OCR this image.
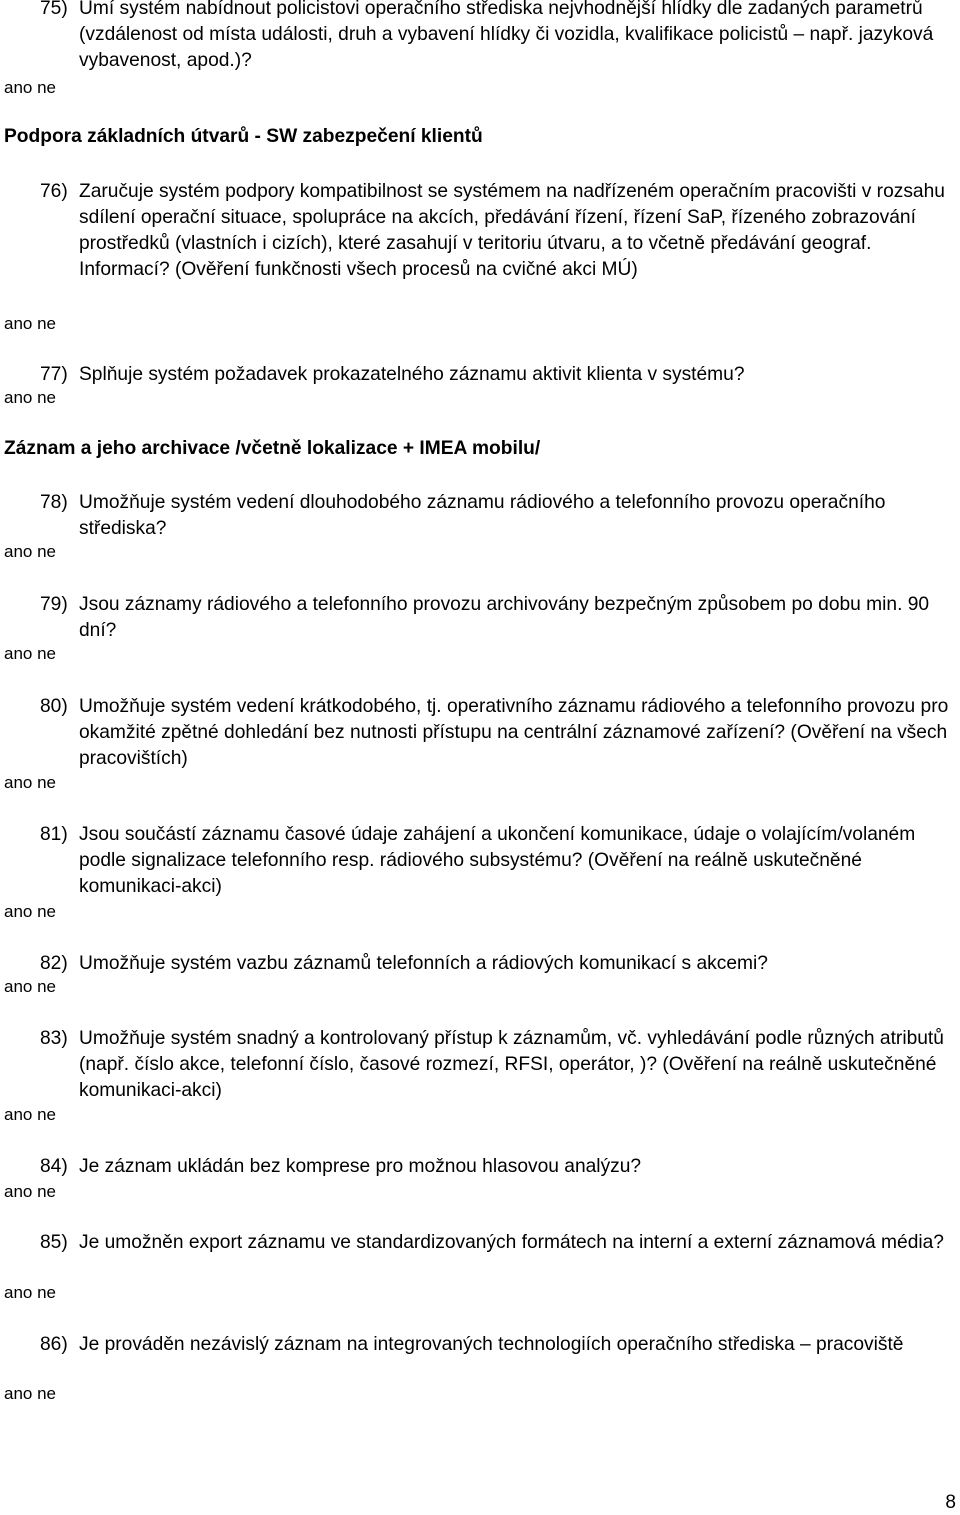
75) Umí systém nabídnout policistovi operačního střediska nejvhodnější hlídky dle zadaných parametrů (vzdálenost od místa události, druh a vybavení hlídky či vozidla, kvalifikace policistů – např. jazyková vybavenost, apod.)?
ano ne
Podpora základních útvarů - SW zabezpečení klientů
76) Zaručuje systém podpory kompatibilnost se systémem na nadřízeném operačním pracovišti v rozsahu sdílení operační situace, spolupráce na akcích, předávání řízení, řízení SaP, řízeného zobrazování prostředků (vlastních i cizích), které zasahují v teritoriu útvaru, a to včetně předávání geograf. Informací? (Ověření funkčnosti všech procesů na cvičné akci MÚ)
ano ne
77) Splňuje systém požadavek prokazatelného záznamu aktivit klienta v systému?
ano ne
Záznam a jeho archivace /včetně lokalizace + IMEA mobilu/
78) Umožňuje systém vedení dlouhodobého záznamu rádiového a telefonního provozu operačního střediska?
ano ne
79) Jsou záznamy rádiového a telefonního provozu archivovány bezpečným způsobem po dobu min. 90 dní?
ano ne
80) Umožňuje systém vedení krátkodobého, tj. operativního záznamu rádiového a telefonního provozu pro okamžité zpětné dohledání bez nutnosti přístupu na centrální záznamové zařízení? (Ověření na všech pracovištích)
ano ne
81) Jsou součástí záznamu časové údaje zahájení a ukončení komunikace, údaje o volajícím/volaném podle signalizace telefonního resp. rádiového subsystému? (Ověření na reálně uskutečněné komunikaci-akci)
ano ne
82) Umožňuje systém vazbu záznamů telefonních a rádiových komunikací s akcemi?
ano ne
83) Umožňuje systém snadný a kontrolovaný přístup k záznamům, vč. vyhledávání podle různých atributů (např. číslo akce, telefonní číslo, časové rozmezí, RFSI, operátor, )? (Ověření na reálně uskutečněné komunikaci-akci)
ano ne
84) Je záznam ukládán bez komprese pro možnou hlasovou analýzu?
ano ne
85) Je umožněn export záznamu ve standardizovaných formátech na interní a externí záznamová média?
ano ne
86) Je prováděn nezávislý záznam na integrovaných technologiích operačního střediska – pracoviště
ano ne
8
